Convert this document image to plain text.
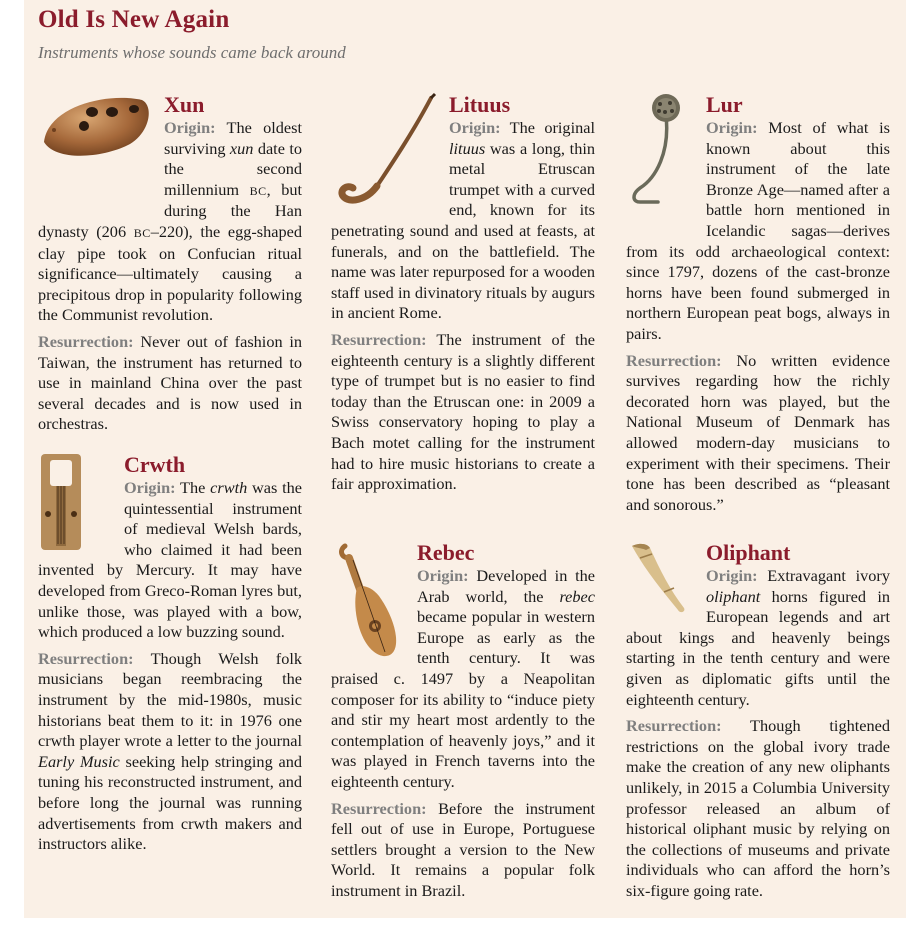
Old Is New Again
Instruments whose sounds came back around
Xun

Origin: The oldest surviving xun date to the second millennium BC, but during the Han dynasty (206 BC–220), the egg-shaped clay pipe took on Confucian ritual significance—ultimately causing a precipitous drop in popularity following the Communist revolution.

Resurrection: Never out of fashion in Taiwan, the instrument has returned to use in mainland China over the past several decades and is now used in orchestras.

Lituus

Origin: The original lituus was a long, thin metal Etruscan trumpet with a curved end, known for its penetrating sound and used at feasts, at funerals, and on the battlefield. The name was later repurposed for a wooden staff used in divinatory rituals by augurs in ancient Rome.

Resurrection: The instrument of the eighteenth century is a slightly different type of trumpet but is no easier to find today than the Etruscan one: in 2009 a Swiss conservatory hoping to play a Bach motet calling for the instrument had to hire music historians to create a fair approximation.

Lur

Origin: Most of what is known about this instrument of the late Bronze Age—named after a battle horn mentioned in Icelandic sagas—derives from its odd archaeological context: since 1797, dozens of the cast-bronze horns have been found submerged in northern European peat bogs, always in pairs.

Resurrection: No written evidence survives regarding how the richly decorated horn was played, but the National Museum of Denmark has allowed modern-day musicians to experiment with their specimens. Their tone has been described as “pleasant and sonorous.”

Crwth

Origin: The crwth was the quintessential instrument of medieval Welsh bards, who claimed it had been invented by Mercury. It may have developed from Greco-Roman lyres but, unlike those, was played with a bow, which produced a low buzzing sound.

Resurrection: Though Welsh folk musicians began reembracing the instrument by the mid-1980s, music historians beat them to it: in 1976 one crwth player wrote a letter to the journal Early Music seeking help stringing and tuning his reconstructed instrument, and before long the journal was running advertisements from crwth makers and instructors alike.

Rebec

Origin: Developed in the Arab world, the rebec became popular in western Europe as early as the tenth century. It was praised c. 1497 by a Neapolitan composer for its ability to “induce piety and stir my heart most ardently to the contemplation of heavenly joys,” and it was played in French taverns into the eighteenth century.

Resurrection: Before the instrument fell out of use in Europe, Portuguese settlers brought a version to the New World. It remains a popular folk instrument in Brazil.

Oliphant

Origin: Extravagant ivory oliphant horns figured in European legends and art about kings and heavenly beings starting in the tenth century and were given as diplomatic gifts until the eighteenth century.

Resurrection: Though tightened restrictions on the global ivory trade make the creation of any new oliphants unlikely, in 2015 a Columbia University professor released an album of historical oliphant music by relying on the collections of museums and private individuals who can afford the horn’s six-figure going rate.
